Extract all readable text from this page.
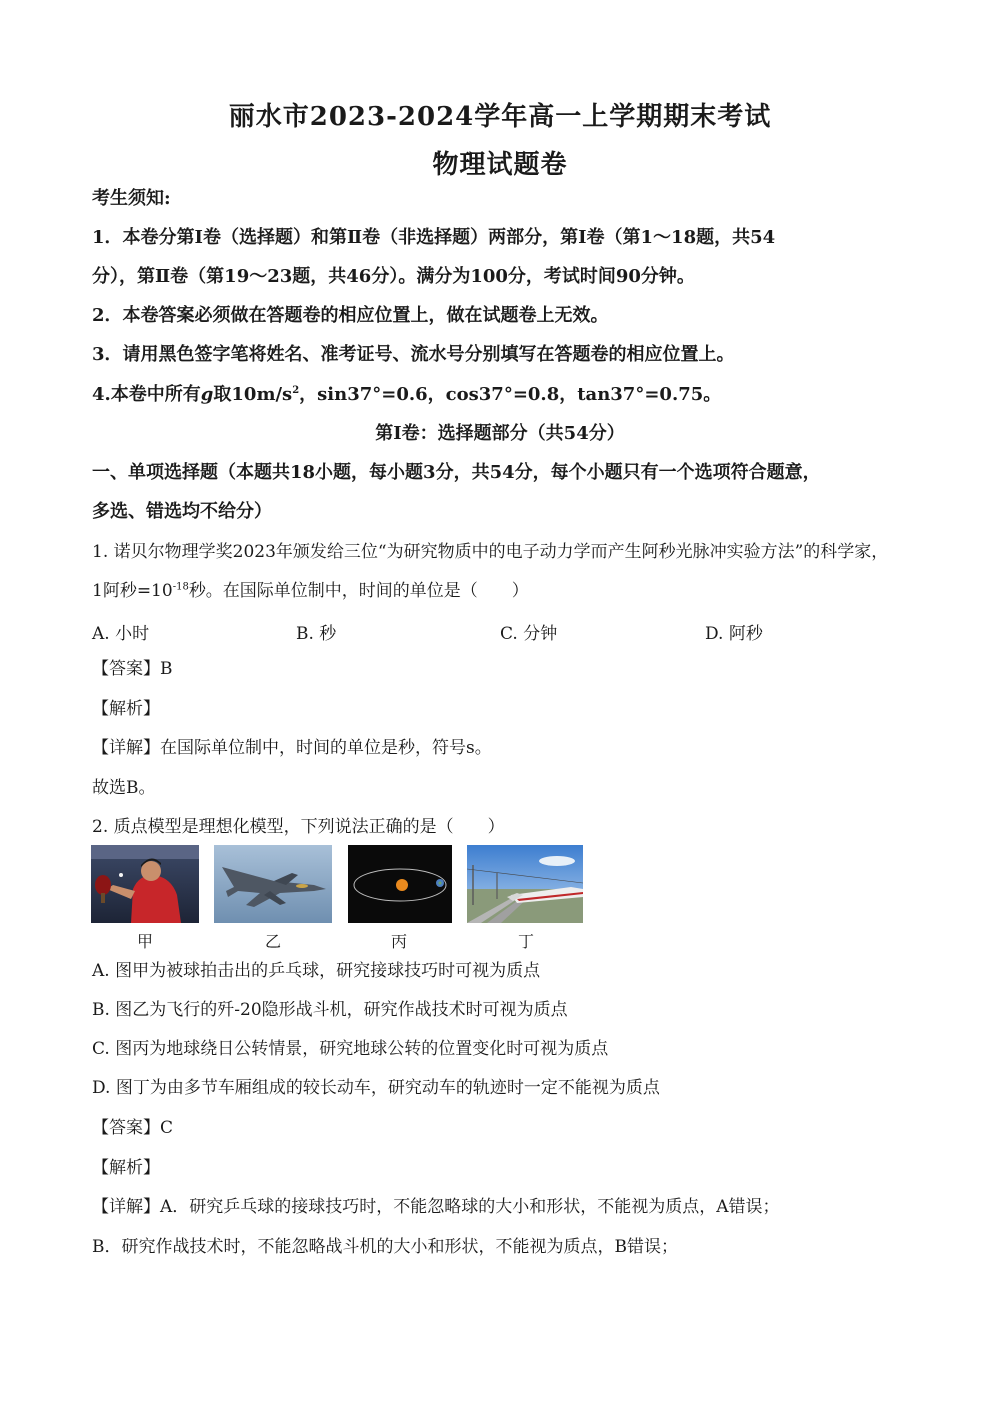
丽水市2023-2024学年高一上学期期末考试
物理试题卷
考生须知:
1．本卷分第Ⅰ卷（选择题）和第Ⅱ卷（非选择题）两部分，第Ⅰ卷（第1～18题，共54
分），第Ⅱ卷（第19～23题，共46分）。满分为100分，考试时间90分钟。
2．本卷答案必须做在答题卷的相应位置上，做在试题卷上无效。
3．请用黑色签字笔将姓名、准考证号、流水号分别填写在答题卷的相应位置上。
4.本卷中所有g取$10m/s^2$，sin37°=0.6，cos37°=0.8，tan37°=0.75。
第Ⅰ卷：选择题部分（共54分）
一、单项选择题（本题共18小题，每小题3分，共54分，每个小题只有一个选项符合题意，
多选、错选均不给分）
1. 诺贝尔物理学奖2023年颁发给三位“为研究物质中的电子动力学而产生阿秒光脉冲实验方法”的科学家，
1阿秒$=10^{-18}$秒。在国际单位制中，时间的单位是（　　）
A. 小时	B. 秒	C. 分钟	D. 阿秒
【答案】B
【解析】
【详解】在国际单位制中，时间的单位是秒，符号s。
故选B。
2. 质点模型是理想化模型，下列说法正确的是（　　）
甲	乙	丙	丁
A. 图甲为被球拍击出的乒乓球，研究接球技巧时可视为质点
B. 图乙为飞行的歼-20隐形战斗机，研究作战技术时可视为质点
C. 图丙为地球绕日公转情景，研究地球公转的位置变化时可视为质点
D. 图丁为由多节车厢组成的较长动车，研究动车的轨迹时一定不能视为质点
【答案】C
【解析】
【详解】A．研究乒乓球的接球技巧时，不能忽略球的大小和形状，不能视为质点，A错误；
B．研究作战技术时，不能忽略战斗机的大小和形状，不能视为质点，B错误；
